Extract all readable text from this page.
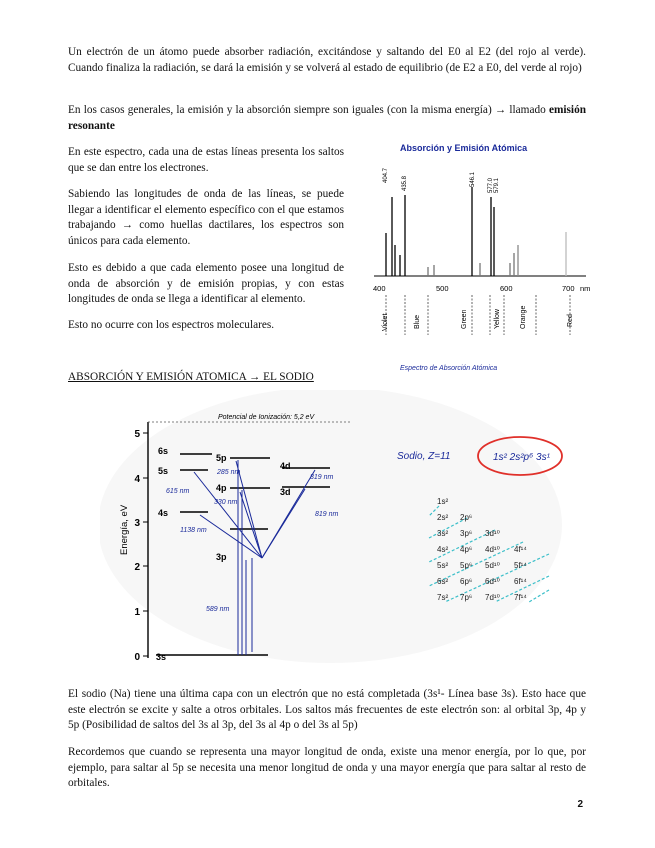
Un electrón de un átomo puede absorber radiación, excitándose y saltando del E0 al E2 (del rojo al verde). Cuando finaliza la radiación, se dará la emisión y se volverá al estado de equilibrio (de E2 a E0, del verde al rojo)

En los casos generales, la emisión y la absorción siempre son iguales (con la misma energía) → llamado emisión resonante

En este espectro, cada una de estas líneas presenta los saltos que se dan entre los electrones.

Sabiendo las longitudes de onda de las líneas, se puede llegar a identificar el elemento específico con el que estamos trabajando → como huellas dactilares, los espectros son únicos para cada elemento.

Esto es debido a que cada elemento posee una longitud de onda de absorción y de emisión propias, y con estas longitudes de onda se llega a identificar al elemento.

Esto no ocurre con los espectros moleculares.

Absorción y Emisión Atómica
404.7
435.8	546.1 577.0 579.1
400	500	600	700 nm
Violet	Blue	Green	Yellow	Orange	Red
Espectro de Absorción Atómica
ABSORCIÓN Y EMISIÓN ATOMICA → EL SODIO
5
4
3
2
1
0
Energía, eV
Potencial de Ionización: 5,2 eV
6s
5s
4s
5p
4p
3p
4d
3d
3s
615 nm
285 nm
330 nm
1138 nm
819 nm
819 nm
589 nm
Sodio, Z=11	1s² 2s²p⁶ 3s¹
1s²
2s² 2p⁶
3s² 3p⁶ 3d¹⁰
4s² 4p⁶ 4d¹⁰ 4f¹⁴
5s² 5p⁶ 5d¹⁰ 5f¹⁴
6s² 6p⁶ 6d¹⁰ 6f¹⁴
7s² 7p⁶ 7d¹⁰ 7f¹⁴

El sodio (Na) tiene una última capa con un electrón que no está completada (3s¹- Línea base 3s). Esto hace que este electrón se excite y salte a otros orbitales. Los saltos más frecuentes de este electrón son: al orbital 3p, 4p y 5p (Posibilidad de saltos del 3s al 3p, del 3s al 4p o del 3s al 5p)

Recordemos que cuando se representa una mayor longitud de onda, existe una menor energía, por lo que, por ejemplo, para saltar al 5p se necesita una menor longitud de onda y una mayor energía que para saltar al resto de orbitales.

2
